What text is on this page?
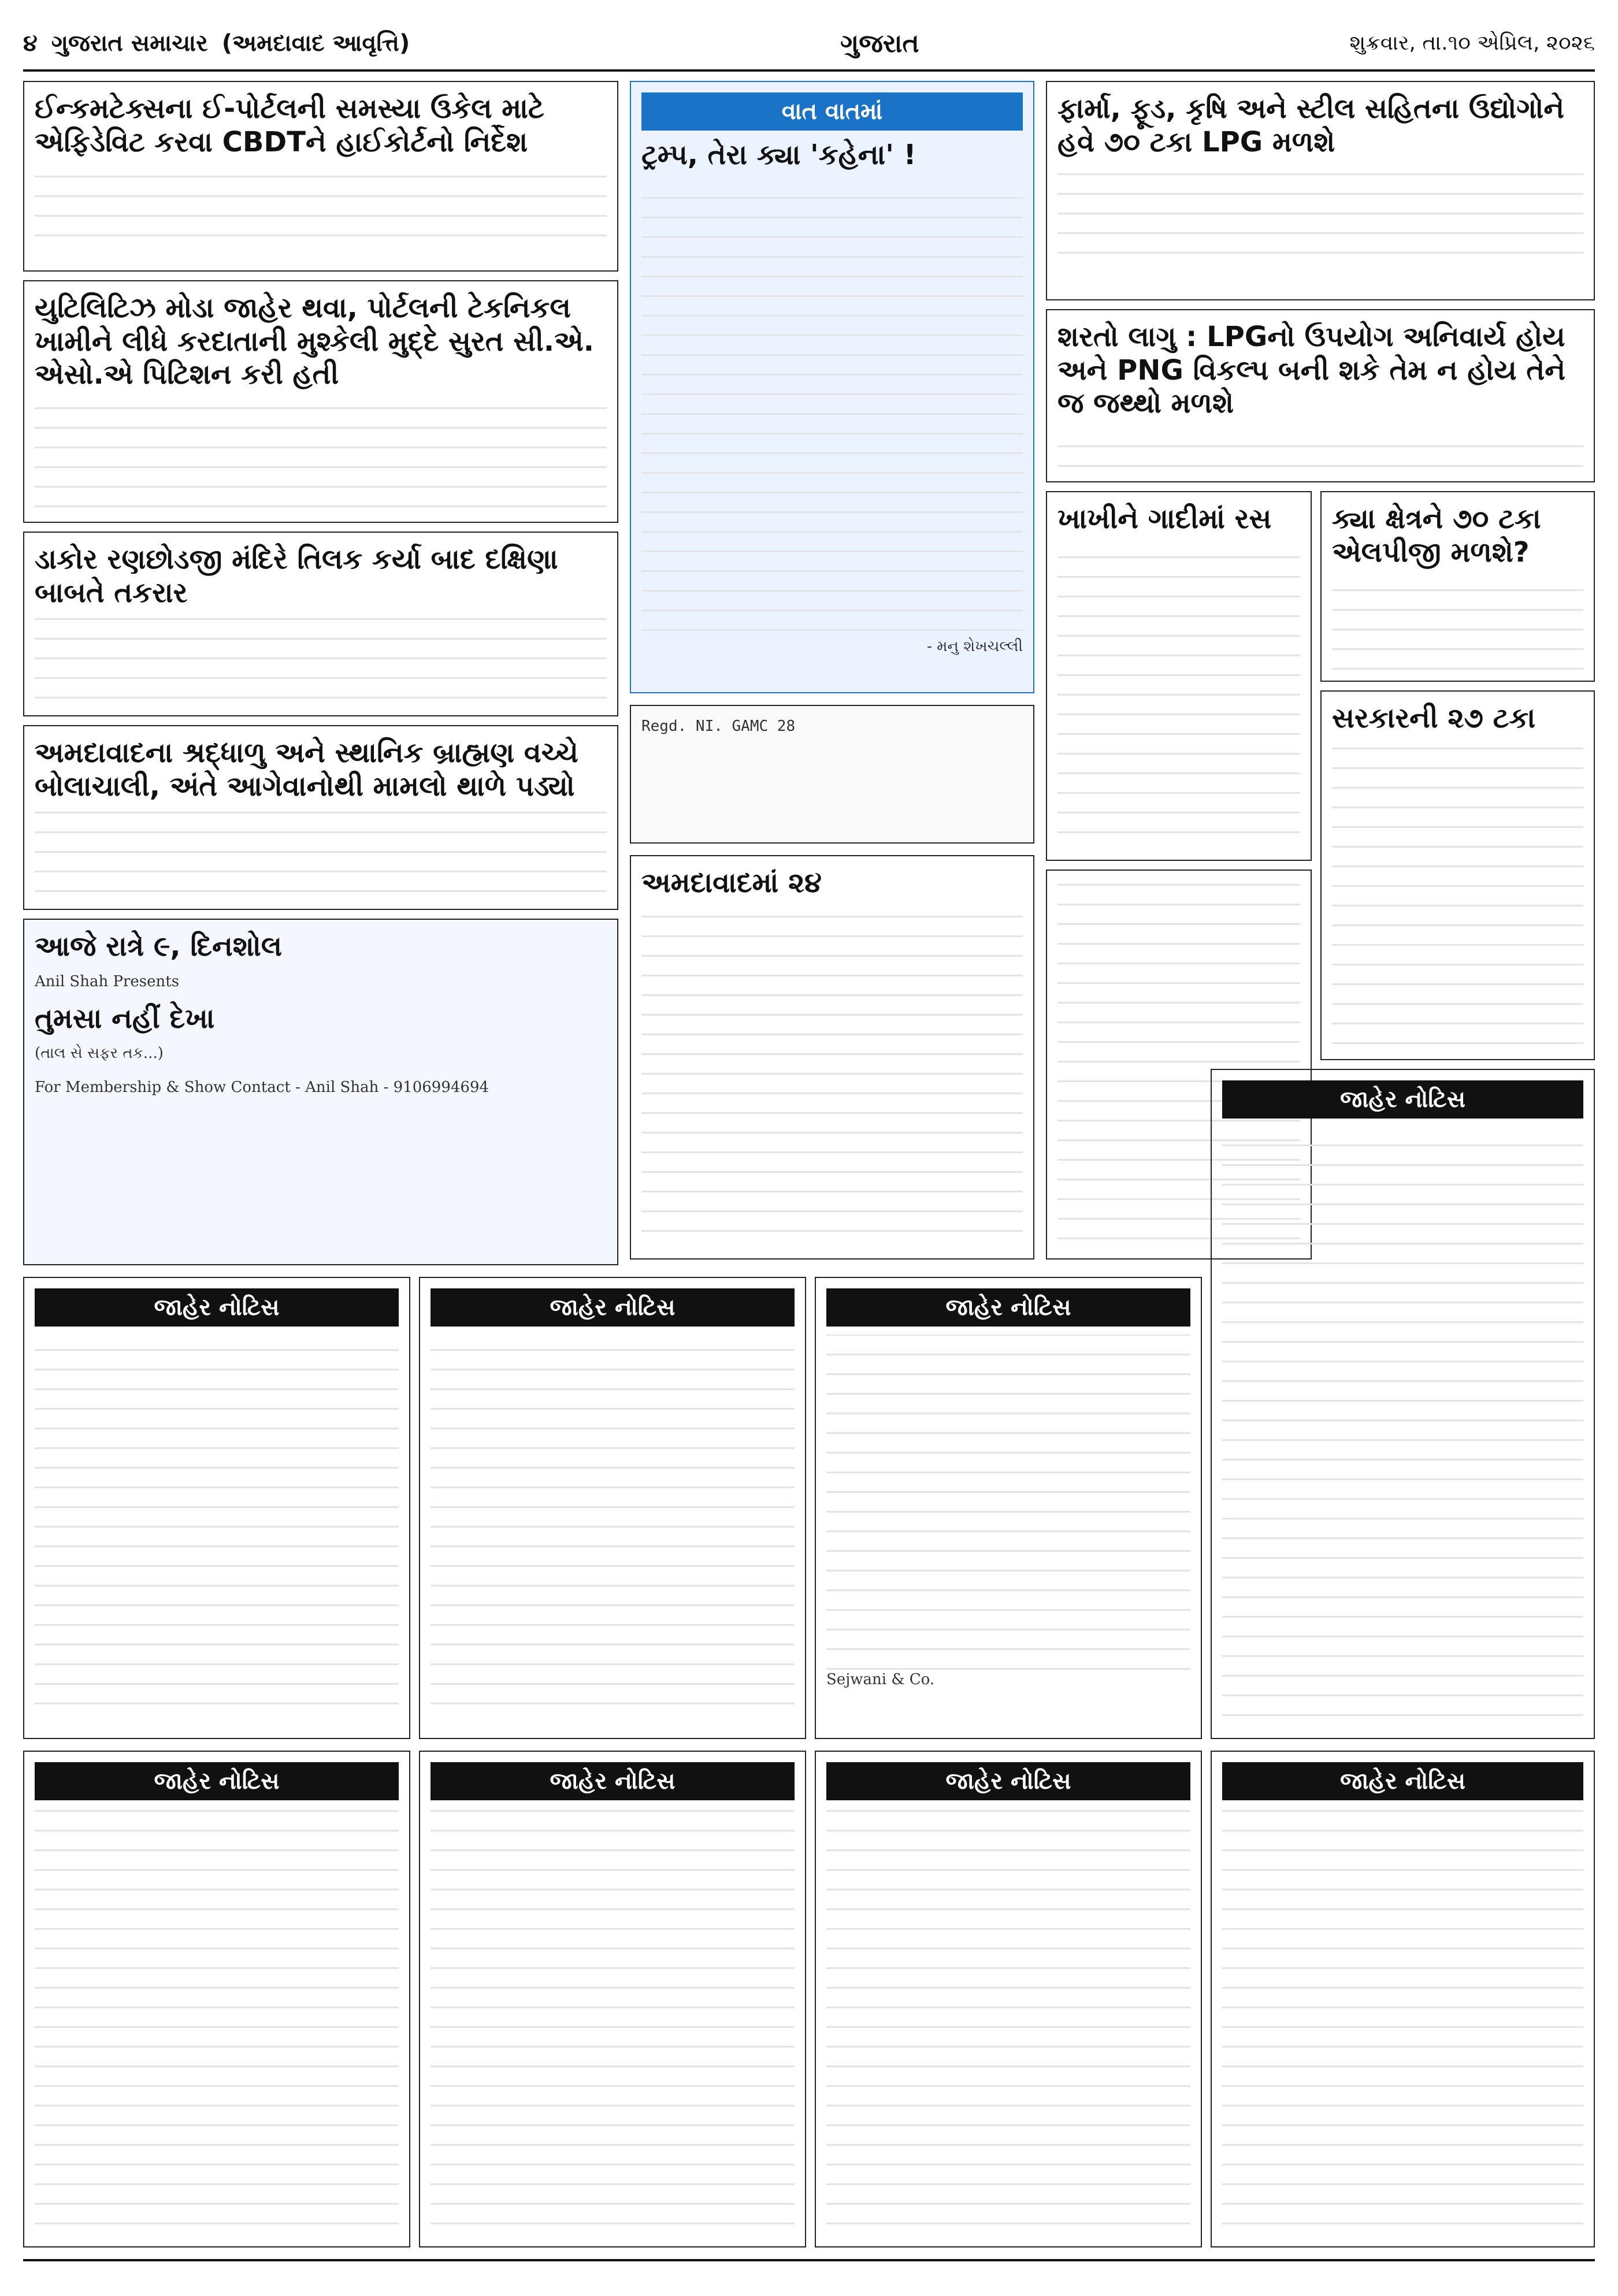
૪ ગુજરાત સમાચાર (અમદાવાદ આવૃત્તિ)	ગુજરાત	શુક્રવાર, તા.૧૦ એપ્રિલ, ૨૦૨૬
ઈન્કમટેક્સના ઈ-પોર્ટલની સમસ્યા ઉકેલ માટે એફિડેવિટ કરવા CBDTને હાઈકોર્ટનો નિર્દેશ
યુટિલિટિઝ મોડા જાહેર થવા, પોર્ટલની ટેકનિકલ ખામીને લીધે કરદાતાની મુશ્કેલી મુદ્દે સુરત સી.એ. એસો.એ પિટિશન કરી હતી
ડાકોર રણછોડજી મંદિરે તિલક કર્યા બાદ દક્ષિણા બાબતે તકરાર
અમદાવાદના શ્રદ્ધાળુ અને સ્થાનિક બ્રાહ્મણ વચ્ચે બોલાચાલી, અંતે આગેવાનોથી મામલો થાળે પડ્યો
આજે રાત્રે ૯, દિનશોલ
Anil Shah Presents
તુમસા નહીં દેખા
(તાલ સે સફર તક...)
For Membership & Show Contact - Anil Shah - 9106994694
વાત વાતમાં
ટ્રમ્પ, તેરા ક્યા 'કહેના' !
- મનુ શેખચલ્લી
Regd. NI. GAMC 28
અમદાવાદમાં ૨૪
ફાર્મા, ફૂડ, કૃષિ અને સ્ટીલ સહિતના ઉદ્યોગોને હવે ૭૦ ટકા LPG મળશે
શરતો લાગુ : LPGનો ઉપયોગ અનિવાર્ય હોય અને PNG વિકલ્પ બની શકે તેમ ન હોય તેને જ જથ્થો મળશે
ખાખીને ગાદીમાં રસ	ક્યા ક્ષેત્રને ૭૦ ટકા એલપીજી મળશે?
સરકારની ૨૭ ટકા
જાહેર નોટિસ	જાહેર નોટિસ	જાહેર નોટિસ
Sejwani & Co.
જાહેર નોટિસ
જાહેર નોટિસ	જાહેર નોટિસ	જાહેર નોટિસ	જાહેર નોટિસ
